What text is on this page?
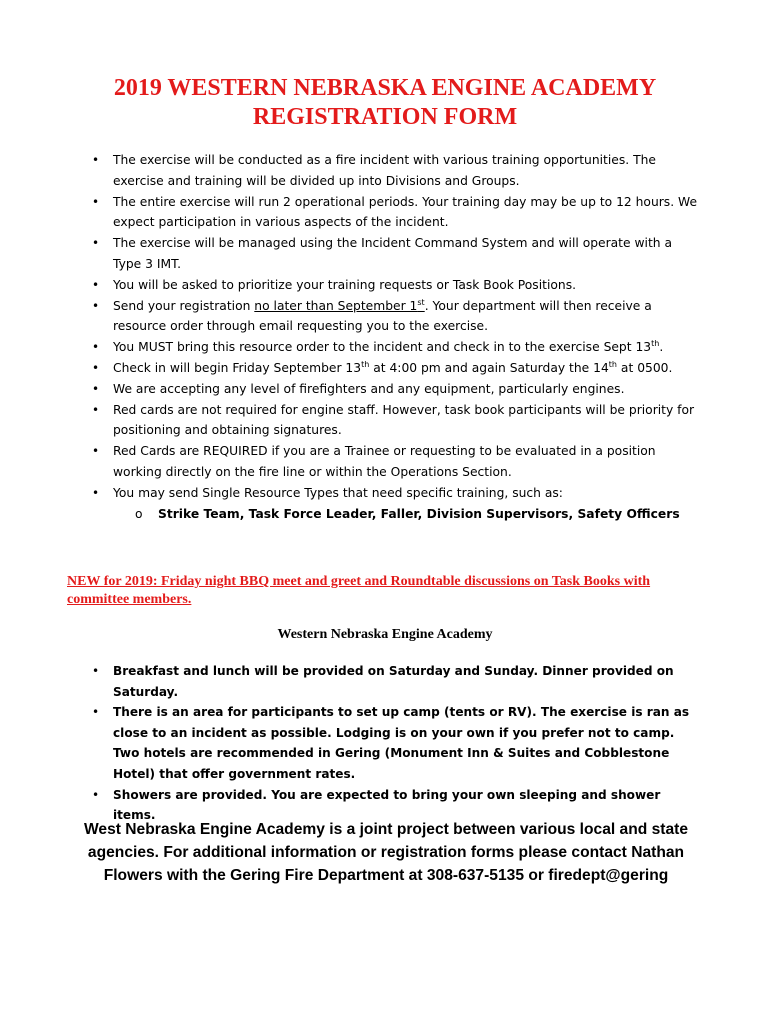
2019 WESTERN NEBRASKA ENGINE ACADEMY
REGISTRATION FORM
• The exercise will be conducted as a fire incident with various training opportunities. The exercise and training will be divided up into Divisions and Groups.
• The entire exercise will run 2 operational periods. Your training day may be up to 12 hours. We expect participation in various aspects of the incident.
• The exercise will be managed using the Incident Command System and will operate with a Type 3 IMT.
• You will be asked to prioritize your training requests or Task Book Positions.
• Send your registration no later than September 1st. Your department will then receive a resource order through email requesting you to the exercise.
• You MUST bring this resource order to the incident and check in to the exercise Sept 13th.
• Check in will begin Friday September 13th at 4:00 pm and again Saturday the 14th at 0500.
• We are accepting any level of firefighters and any equipment, particularly engines.
• Red cards are not required for engine staff. However, task book participants will be priority for positioning and obtaining signatures.
• Red Cards are REQUIRED if you are a Trainee or requesting to be evaluated in a position working directly on the fire line or within the Operations Section.
• You may send Single Resource Types that need specific training, such as:
o Strike Team, Task Force Leader, Faller, Division Supervisors, Safety Officers

NEW for 2019: Friday night BBQ meet and greet and Roundtable discussions on Task Books with committee members.

Western Nebraska Engine Academy

• Breakfast and lunch will be provided on Saturday and Sunday. Dinner provided on Saturday.
• There is an area for participants to set up camp (tents or RV). The exercise is ran as close to an incident as possible. Lodging is on your own if you prefer not to camp. Two hotels are recommended in Gering (Monument Inn & Suites and Cobblestone Hotel) that offer government rates.
• Showers are provided. You are expected to bring your own sleeping and shower items.

West Nebraska Engine Academy is a joint project between various local and state agencies. For additional information or registration forms please contact Nathan Flowers with the Gering Fire Department at 308-637-5135 or firedept@gering
